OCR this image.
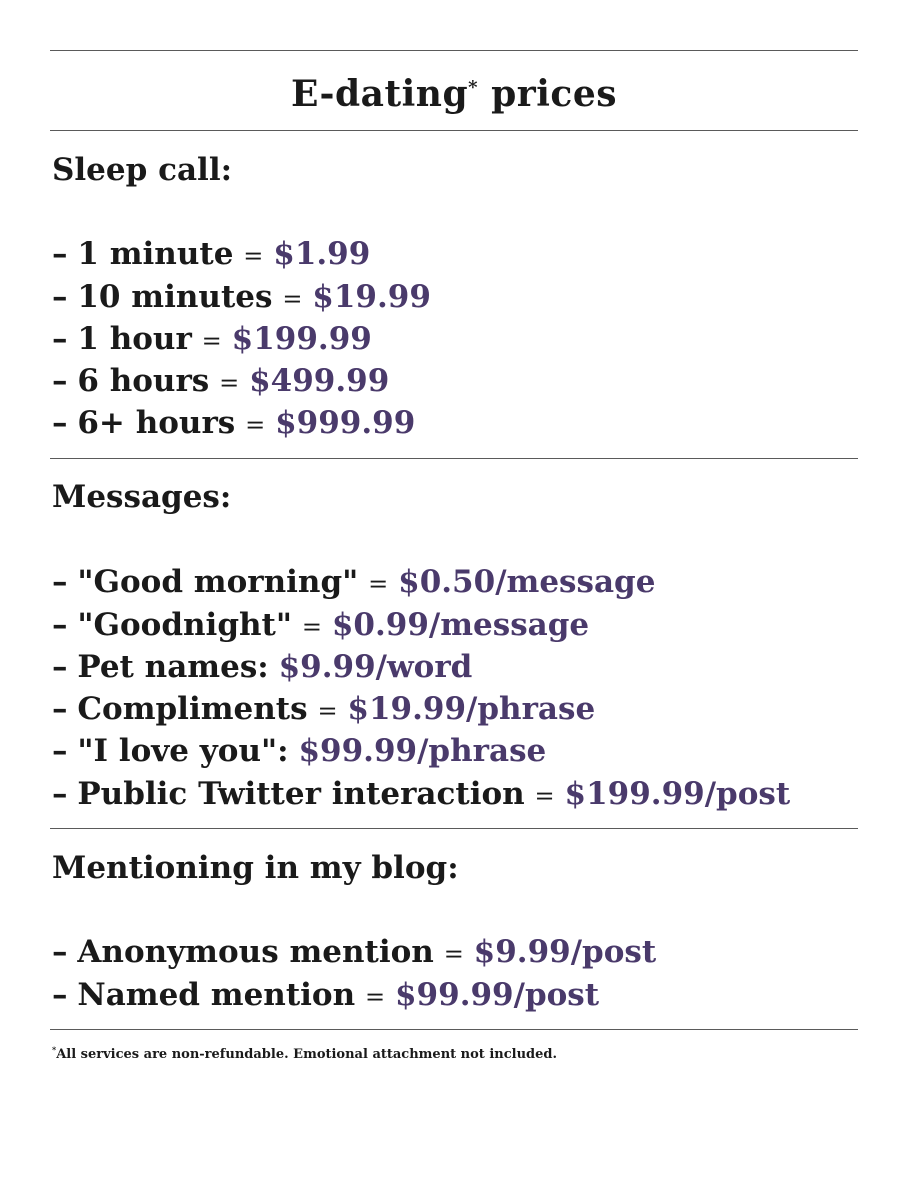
E-dating* prices
Sleep call:
– 1 minute = $1.99
– 10 minutes = $19.99
– 1 hour = $199.99
– 6 hours = $499.99
– 6+ hours = $999.99
Messages:
– "Good morning" = $0.50/message
– "Goodnight" = $0.99/message
– Pet names: $9.99/word
– Compliments = $19.99/phrase
– "I love you": $99.99/phrase
– Public Twitter interaction = $199.99/post
Mentioning in my blog:
– Anonymous mention = $9.99/post
– Named mention = $99.99/post
*All services are non-refundable. Emotional attachment not included.
